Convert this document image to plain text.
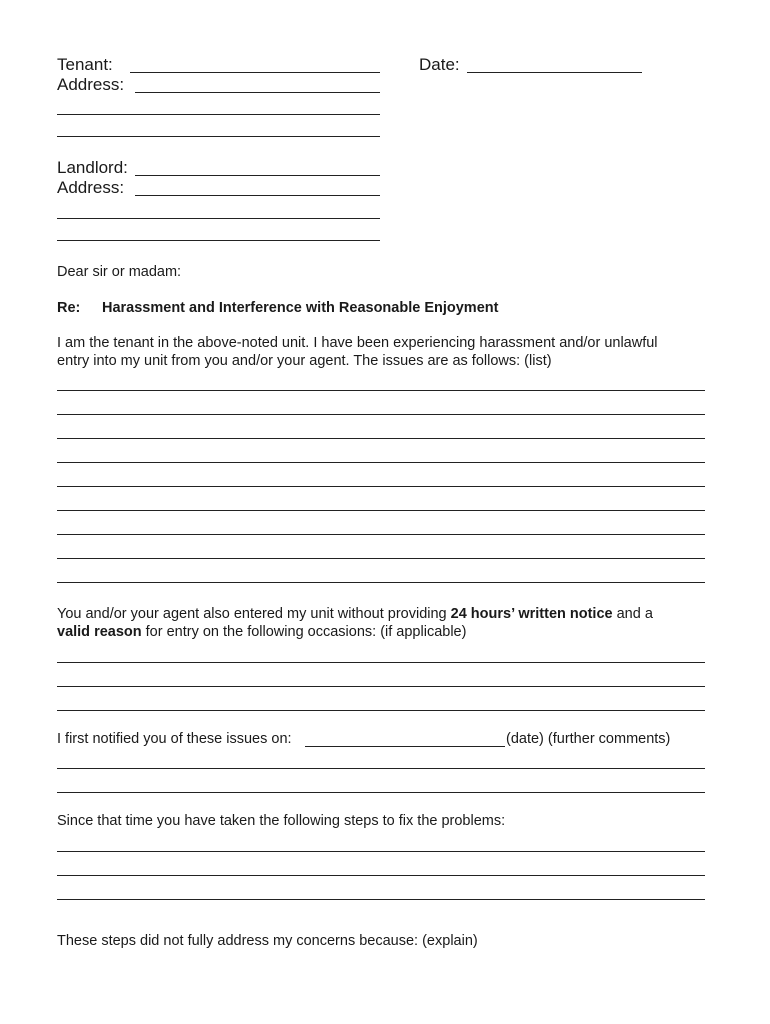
Tenant:	Date:
Address:
Landlord:
Address:
Dear sir or madam:
Re: Harassment and Interference with Reasonable Enjoyment
I am the tenant in the above-noted unit. I have been experiencing harassment and/or unlawful
entry into my unit from you and/or your agent. The issues are as follows: (list)
You and/or your agent also entered my unit without providing 24 hours’ written notice and a
valid reason for entry on the following occasions: (if applicable)
I first notified you of these issues on:	(date) (further comments)
Since that time you have taken the following steps to fix the problems:
These steps did not fully address my concerns because: (explain)
